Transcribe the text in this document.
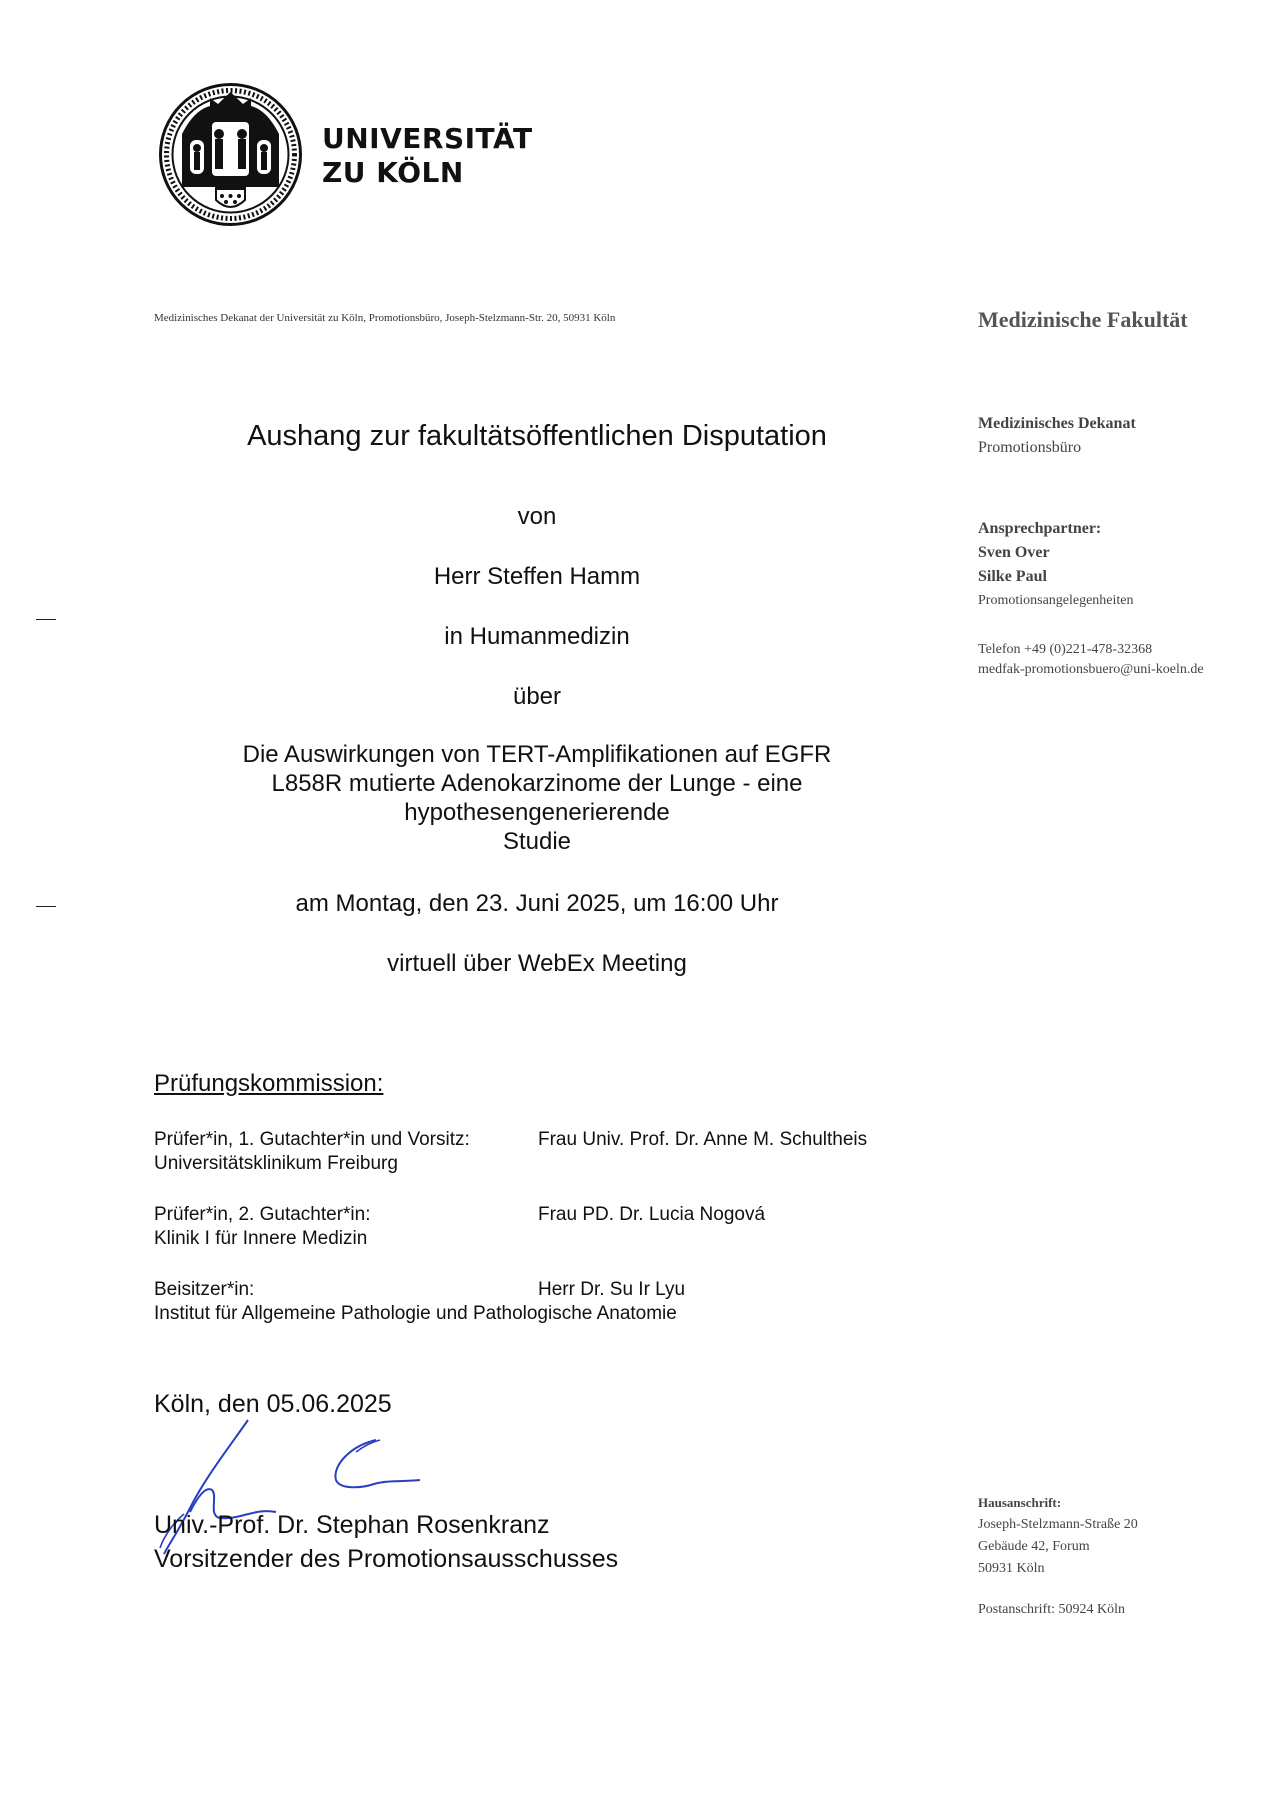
UNIVERSITÄT
ZU KÖLN
Medizinisches Dekanat der Universität zu Köln, Promotionsbüro, Joseph-Stelzmann-Str. 20, 50931 Köln	Medizinische Fakultät
Medizinisches Dekanat
Promotionsbüro
Ansprechpartner:
Sven Over
Silke Paul
Promotionsangelegenheiten
Telefon +49 (0)221-478-32368
medfak-promotionsbuero@uni-koeln.de
Hausanschrift:
Joseph-Stelzmann-Straße 20
Gebäude 42, Forum
50931 Köln
Postanschrift: 50924 Köln
Aushang zur fakultätsöffentlichen Disputation
von
Herr Steffen Hamm
in Humanmedizin
über
Die Auswirkungen von TERT-Amplifikationen auf EGFR
L858R mutierte Adenokarzinome der Lunge - eine
hypothesengenerierende
Studie
am Montag, den 23. Juni 2025, um 16:00 Uhr
virtuell über WebEx Meeting
Prüfungskommission:
Prüfer*in, 1. Gutachter*in und Vorsitz:	Frau Univ. Prof. Dr. Anne M. Schultheis
Universitätsklinikum Freiburg
Prüfer*in, 2. Gutachter*in:	Frau PD. Dr. Lucia Nogová
Klinik I für Innere Medizin
Beisitzer*in:	Herr Dr. Su Ir Lyu
Institut für Allgemeine Pathologie und Pathologische Anatomie
Köln, den 05.06.2025
Univ.-Prof. Dr. Stephan Rosenkranz
Vorsitzender des Promotionsausschusses
